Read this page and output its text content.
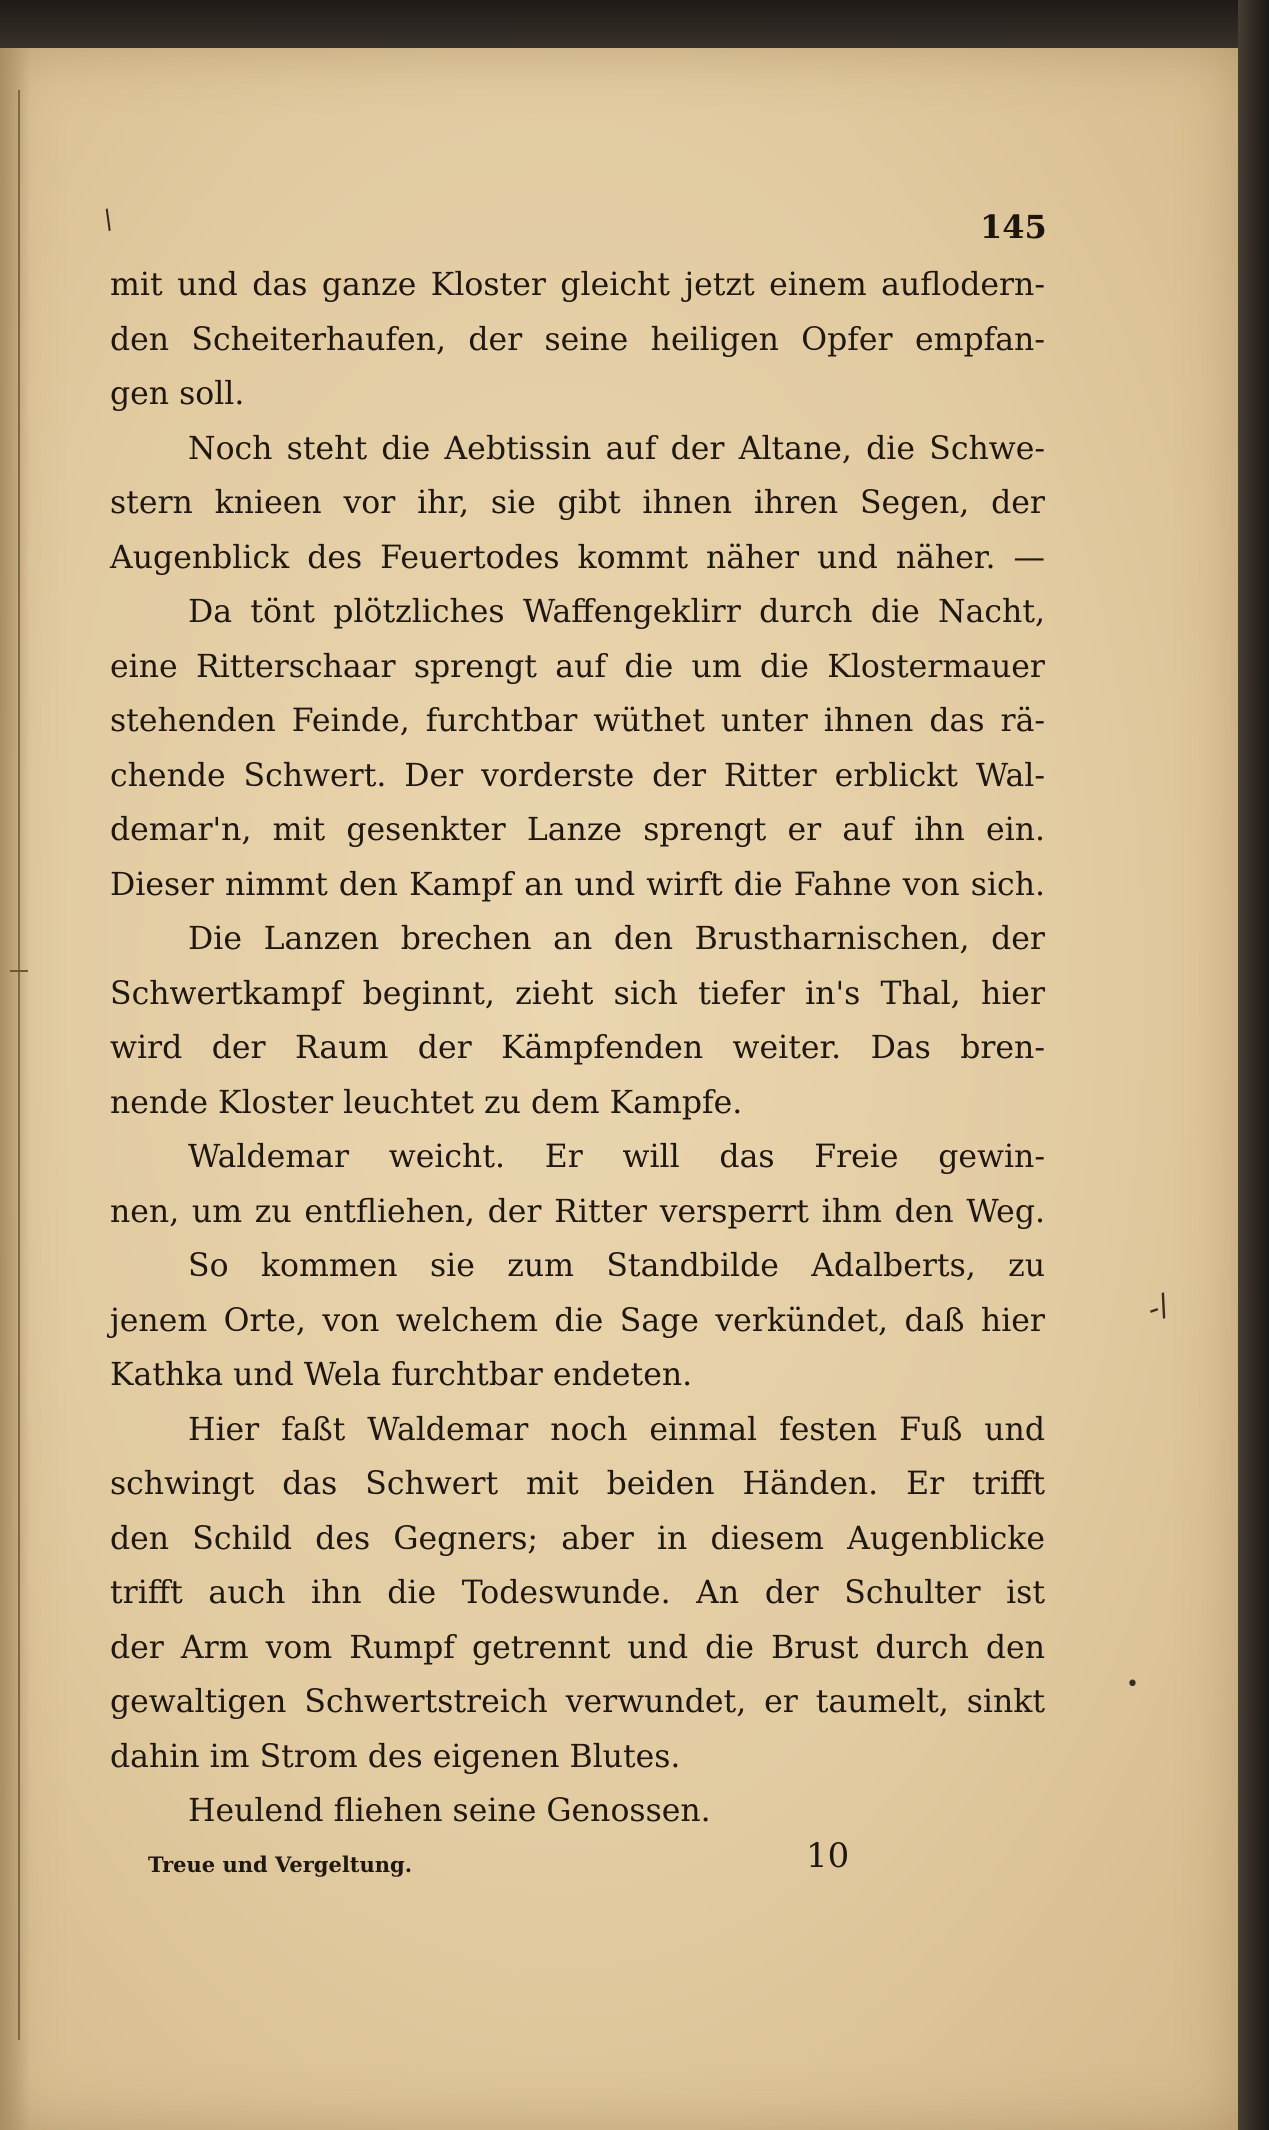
/
-/
•
145
mit und das ganze Kloster gleicht jetzt einem auflodern-
den Scheiterhaufen, der seine heiligen Opfer empfan-
gen soll.
Noch steht die Aebtissin auf der Altane, die Schwe-
stern knieen vor ihr, sie gibt ihnen ihren Segen, der
Augenblick des Feuertodes kommt näher und näher. —
Da tönt plötzliches Waffengeklirr durch die Nacht,
eine Ritterschaar sprengt auf die um die Klostermauer
stehenden Feinde, furchtbar wüthet unter ihnen das rä-
chende Schwert. Der vorderste der Ritter erblickt Wal-
demar'n, mit gesenkter Lanze sprengt er auf ihn ein.
Dieser nimmt den Kampf an und wirft die Fahne von sich.
Die Lanzen brechen an den Brustharnischen, der
Schwertkampf beginnt, zieht sich tiefer in's Thal, hier
wird der Raum der Kämpfenden weiter. Das bren-
nende Kloster leuchtet zu dem Kampfe.
Waldemar weicht. Er will das Freie gewin-
nen, um zu entfliehen, der Ritter versperrt ihm den Weg.
So kommen sie zum Standbilde Adalberts, zu
jenem Orte, von welchem die Sage verkündet, daß hier
Kathka und Wela furchtbar endeten.
Hier faßt Waldemar noch einmal festen Fuß und
schwingt das Schwert mit beiden Händen. Er trifft
den Schild des Gegners; aber in diesem Augenblicke
trifft auch ihn die Todeswunde. An der Schulter ist
der Arm vom Rumpf getrennt und die Brust durch den
gewaltigen Schwertstreich verwundet, er taumelt, sinkt
dahin im Strom des eigenen Blutes.
Heulend fliehen seine Genossen.
Treue und Vergeltung.	10
